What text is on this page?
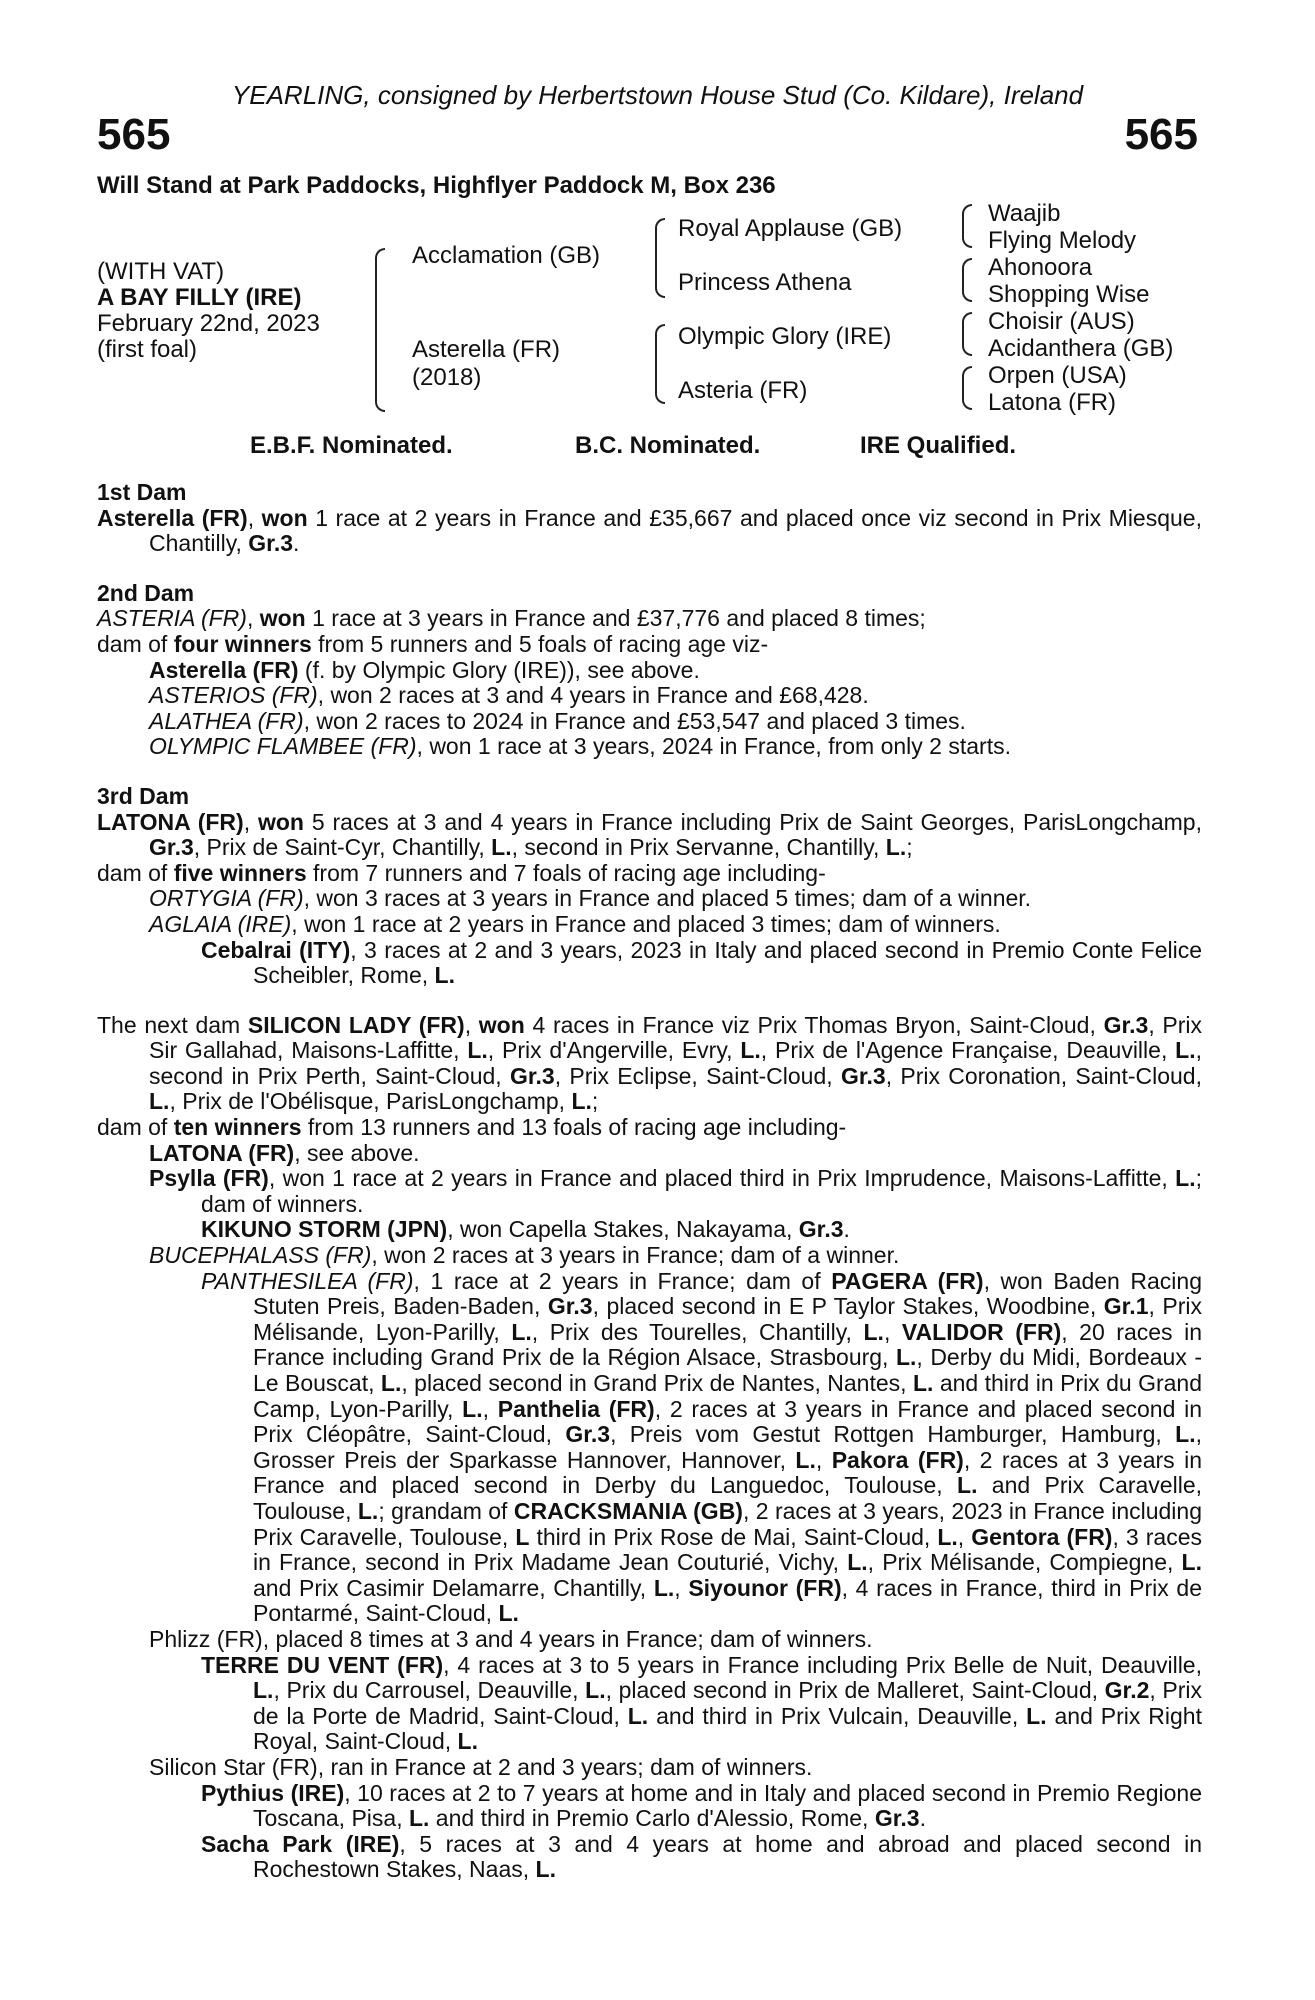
YEARLING, consigned by Herbertstown House Stud (Co. Kildare), Ireland
565	565
Will Stand at Park Paddocks, Highflyer Paddock M, Box 236
(WITH VAT)
A BAY FILLY (IRE)
February 22nd, 2023
(first foal)
Acclamation (GB)
Asterella (FR)
(2018)
Royal Applause (GB)
Princess Athena
Olympic Glory (IRE)
Asteria (FR)
Waajib
Flying Melody
Ahonoora
Shopping Wise
Choisir (AUS)
Acidanthera (GB)
Orpen (USA)
Latona (FR)
E.B.F. Nominated.	B.C. Nominated.	IRE Qualified.
1st Dam
Asterella (FR), won 1 race at 2 years in France and £35,667 and placed once viz second in Prix Miesque, Chantilly, Gr.3.
2nd Dam
ASTERIA (FR), won 1 race at 3 years in France and £37,776 and placed 8 times;
dam of four winners from 5 runners and 5 foals of racing age viz-
Asterella (FR) (f. by Olympic Glory (IRE)), see above.
ASTERIOS (FR), won 2 races at 3 and 4 years in France and £68,428.
ALATHEA (FR), won 2 races to 2024 in France and £53,547 and placed 3 times.
OLYMPIC FLAMBEE (FR), won 1 race at 3 years, 2024 in France, from only 2 starts.
3rd Dam
LATONA (FR), won 5 races at 3 and 4 years in France including Prix de Saint Georges, ParisLongchamp, Gr.3, Prix de Saint-Cyr, Chantilly, L., second in Prix Servanne, Chantilly, L.;
dam of five winners from 7 runners and 7 foals of racing age including-
ORTYGIA (FR), won 3 races at 3 years in France and placed 5 times; dam of a winner.
AGLAIA (IRE), won 1 race at 2 years in France and placed 3 times; dam of winners.
Cebalrai (ITY), 3 races at 2 and 3 years, 2023 in Italy and placed second in Premio Conte Felice Scheibler, Rome, L.
The next dam SILICON LADY (FR), won 4 races in France viz Prix Thomas Bryon, Saint-Cloud, Gr.3, Prix Sir Gallahad, Maisons-Laffitte, L., Prix d'Angerville, Evry, L., Prix de l'Agence Française, Deauville, L., second in Prix Perth, Saint-Cloud, Gr.3, Prix Eclipse, Saint-Cloud, Gr.3, Prix Coronation, Saint-Cloud, L., Prix de l'Obélisque, ParisLongchamp, L.;
dam of ten winners from 13 runners and 13 foals of racing age including-
LATONA (FR), see above.
Psylla (FR), won 1 race at 2 years in France and placed third in Prix Imprudence, Maisons-Laffitte, L.; dam of winners.
KIKUNO STORM (JPN), won Capella Stakes, Nakayama, Gr.3.
BUCEPHALASS (FR), won 2 races at 3 years in France; dam of a winner.
PANTHESILEA (FR), 1 race at 2 years in France; dam of PAGERA (FR), won Baden Racing Stuten Preis, Baden-Baden, Gr.3, placed second in E P Taylor Stakes, Woodbine, Gr.1, Prix Mélisande, Lyon-Parilly, L., Prix des Tourelles, Chantilly, L., VALIDOR (FR), 20 races in France including Grand Prix de la Région Alsace, Strasbourg, L., Derby du Midi, Bordeaux - Le Bouscat, L., placed second in Grand Prix de Nantes, Nantes, L. and third in Prix du Grand Camp, Lyon-Parilly, L., Panthelia (FR), 2 races at 3 years in France and placed second in Prix Cléopâtre, Saint-Cloud, Gr.3, Preis vom Gestut Rottgen Hamburger, Hamburg, L., Grosser Preis der Sparkasse Hannover, Hannover, L., Pakora (FR), 2 races at 3 years in France and placed second in Derby du Languedoc, Toulouse, L. and Prix Caravelle, Toulouse, L.; grandam of CRACKSMANIA (GB), 2 races at 3 years, 2023 in France including Prix Caravelle, Toulouse, L third in Prix Rose de Mai, Saint-Cloud, L., Gentora (FR), 3 races in France, second in Prix Madame Jean Couturié, Vichy, L., Prix Mélisande, Compiegne, L. and Prix Casimir Delamarre, Chantilly, L., Siyounor (FR), 4 races in France, third in Prix de Pontarmé, Saint-Cloud, L.
Phlizz (FR), placed 8 times at 3 and 4 years in France; dam of winners.
TERRE DU VENT (FR), 4 races at 3 to 5 years in France including Prix Belle de Nuit, Deauville, L., Prix du Carrousel, Deauville, L., placed second in Prix de Malleret, Saint-Cloud, Gr.2, Prix de la Porte de Madrid, Saint-Cloud, L. and third in Prix Vulcain, Deauville, L. and Prix Right Royal, Saint-Cloud, L.
Silicon Star (FR), ran in France at 2 and 3 years; dam of winners.
Pythius (IRE), 10 races at 2 to 7 years at home and in Italy and placed second in Premio Regione Toscana, Pisa, L. and third in Premio Carlo d'Alessio, Rome, Gr.3.
Sacha Park (IRE), 5 races at 3 and 4 years at home and abroad and placed second in Rochestown Stakes, Naas, L.
